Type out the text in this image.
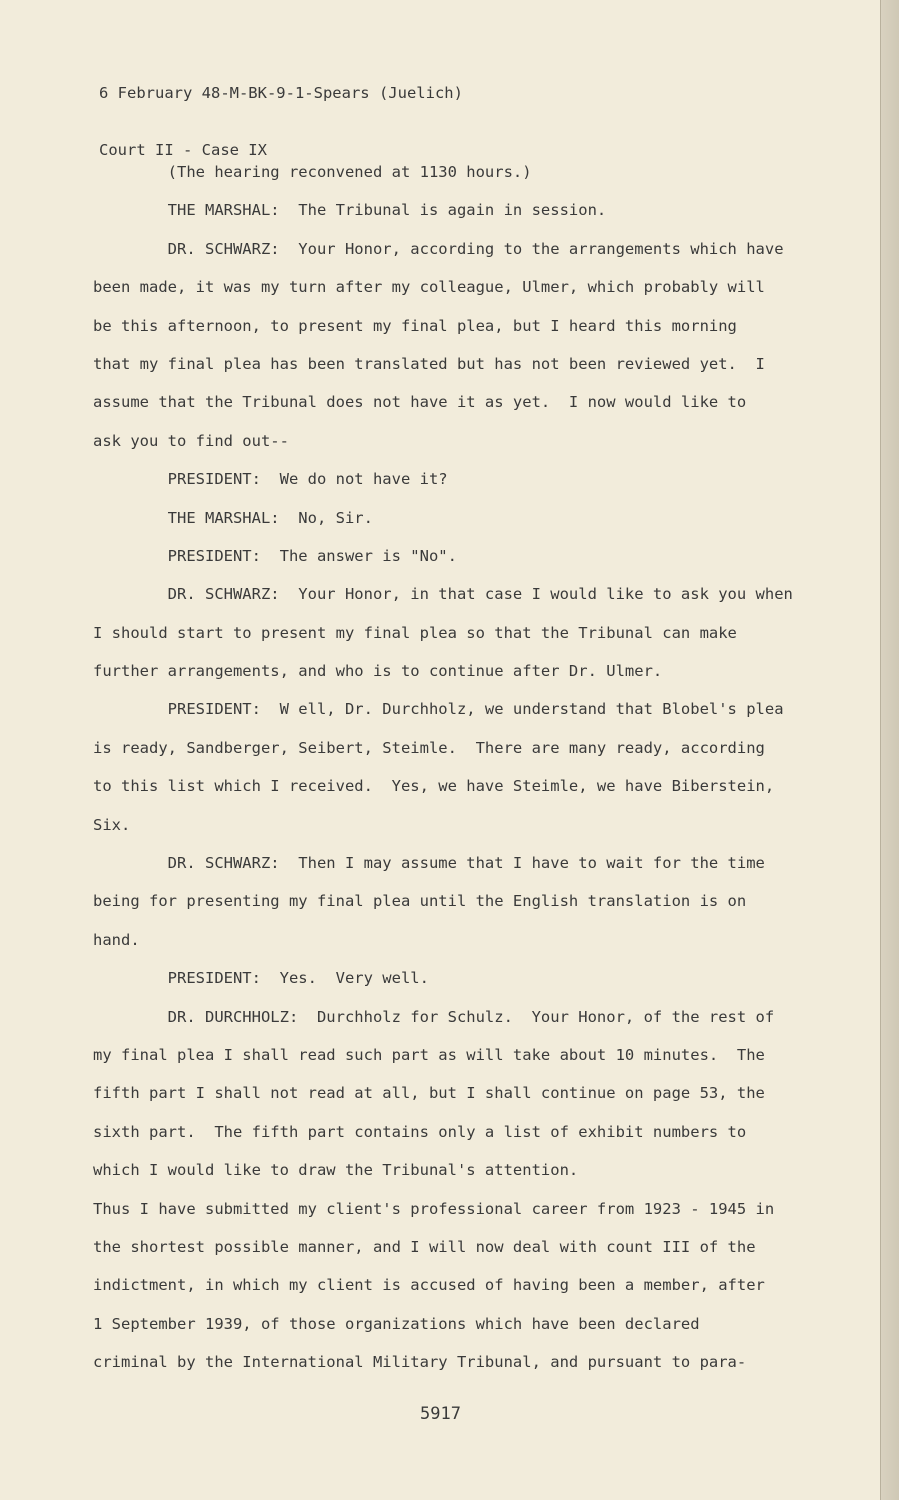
6 February 48-M-BK-9-1-Spears (Juelich)

Court II - Case IX

(The hearing reconvened at 1130 hours.)
THE MARSHAL:  The Tribunal is again in session.
DR. SCHWARZ:  Your Honor, according to the arrangements which have
been made, it was my turn after my colleague, Ulmer, which probably will
be this afternoon, to present my final plea, but I heard this morning
that my final plea has been translated but has not been reviewed yet.  I
assume that the Tribunal does not have it as yet.  I now would like to
ask you to find out--
PRESIDENT:  We do not have it?
THE MARSHAL:  No, Sir.
PRESIDENT:  The answer is "No".
DR. SCHWARZ:  Your Honor, in that case I would like to ask you when
I should start to present my final plea so that the Tribunal can make
further arrangements, and who is to continue after Dr. Ulmer.
PRESIDENT:  W ell, Dr. Durchholz, we understand that Blobel's plea
is ready, Sandberger, Seibert, Steimle.  There are many ready, according
to this list which I received.  Yes, we have Steimle, we have Biberstein,
Six.
DR. SCHWARZ:  Then I may assume that I have to wait for the time
being for presenting my final plea until the English translation is on
hand.
PRESIDENT:  Yes.  Very well.
DR. DURCHHOLZ:  Durchholz for Schulz.  Your Honor, of the rest of
my final plea I shall read such part as will take about 10 minutes.  The
fifth part I shall not read at all, but I shall continue on page 53, the
sixth part.  The fifth part contains only a list of exhibit numbers to
which I would like to draw the Tribunal's attention.
Thus I have submitted my client's professional career from 1923 - 1945 in
the shortest possible manner, and I will now deal with count III of the
indictment, in which my client is accused of having been a member, after
1 September 1939, of those organizations which have been declared
criminal by the International Military Tribunal, and pursuant to para-
5917
